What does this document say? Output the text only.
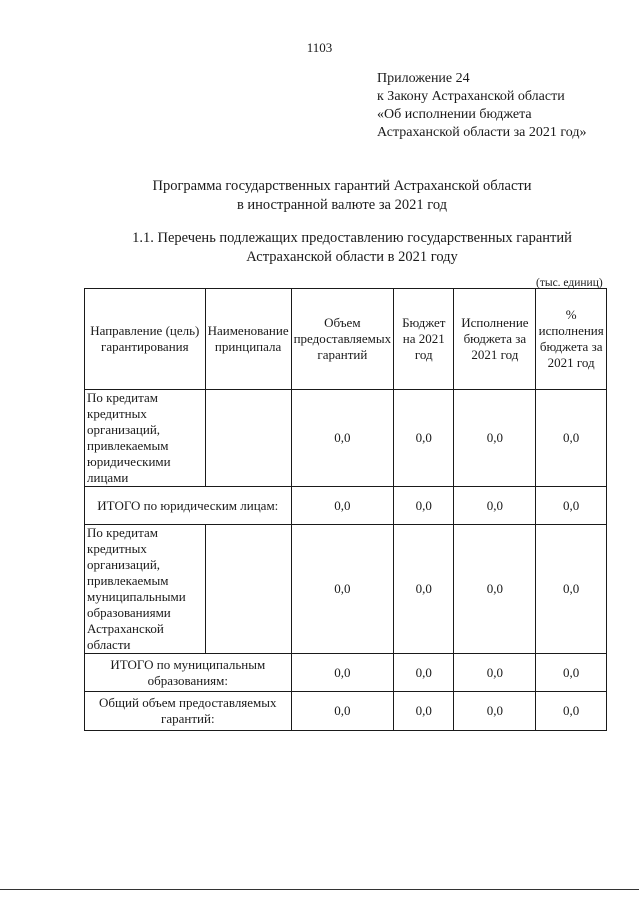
1103
Приложение 24
к Закону Астраханской области
«Об исполнении бюджета
Астраханской области за 2021 год»
Программа государственных гарантий Астраханской области
в иностранной валюте за 2021 год
1.1. Перечень подлежащих предоставлению государственных гарантий
Астраханской области в 2021 году
(тыс. единиц)
Направление (цель) гарантирования	Наименование принципала	Объем предоставляемых гарантий	Бюджет на 2021 год	Исполнение бюджета за 2021 год	% исполнения бюджета за 2021 год
По кредитам кредитных организаций, привлекаемым юридическими лицами		0,0	0,0	0,0	0,0
ИТОГО по юридическим лицам:		0,0	0,0	0,0	0,0
По кредитам кредитных организаций, привлекаемым муниципальными образованиями Астраханской области		0,0	0,0	0,0	0,0
ИТОГО по муниципальным образованиям:		0,0	0,0	0,0	0,0
Общий объем предоставляемых гарантий:		0,0	0,0	0,0	0,0
